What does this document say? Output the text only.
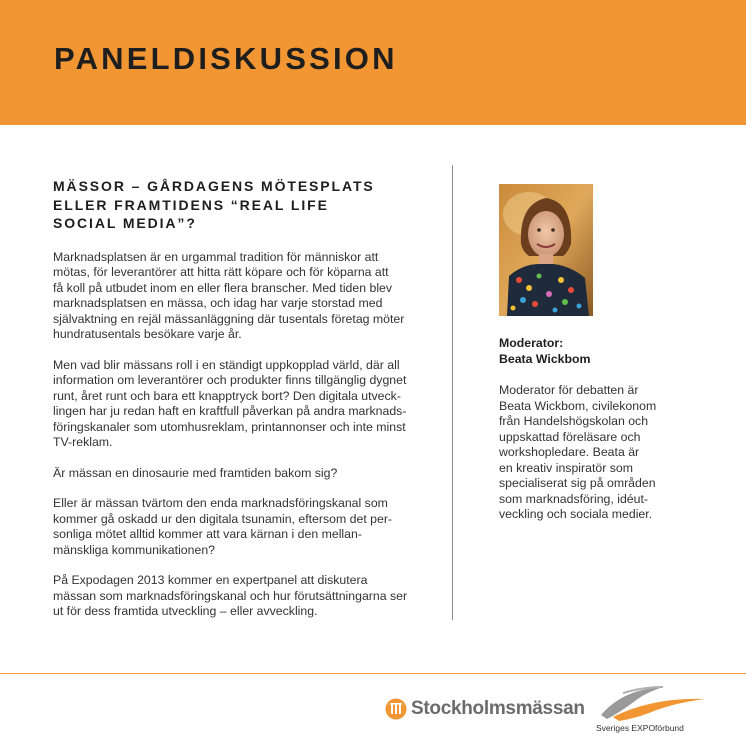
PANELDISKUSSION
MÄSSOR – GÅRDAGENS MÖTESPLATS
ELLER FRAMTIDENS “REAL LIFE
SOCIAL MEDIA”?

Marknadsplatsen är en urgammal tradition för människor att
mötas, för leverantörer att hitta rätt köpare och för köparna att
få koll på utbudet inom en eller flera branscher. Med tiden blev
marknadsplatsen en mässa, och idag har varje storstad med
självaktning en rejäl mässanläggning där tusentals företag möter
hundratusentals besökare varje år.

Men vad blir mässans roll i en ständigt uppkopplad värld, där all
information om leverantörer och produkter finns tillgänglig dygnet
runt, året runt och bara ett knapptryck bort? Den digitala utveck-
lingen har ju redan haft en kraftfull påverkan på andra marknads-
föringskanaler som utomhusreklam, printannonser och inte minst
TV-reklam.

Är mässan en dinosaurie med framtiden bakom sig?

Eller är mässan tvärtom den enda marknadsföringskanal som
kommer gå oskadd ur den digitala tsunamin, eftersom det per-
sonliga mötet alltid kommer att vara kärnan i den mellan-
mänskliga kommunikationen?

På Expodagen 2013 kommer en expertpanel att diskutera
mässan som marknadsföringskanal och hur förutsättningarna ser
ut för dess framtida utveckling – eller avveckling.

Moderator:
Beata Wickbom

Moderator för debatten är
Beata Wickbom, civilekonom
från Handelshögskolan och
uppskattad föreläsare och
workshopledare. Beata är
en kreativ inspiratör som
specialiserat sig på områden
som marknadsföring, idéut-
veckling och sociala medier.

Stockholmsmässan
Sveriges EXPOförbund
